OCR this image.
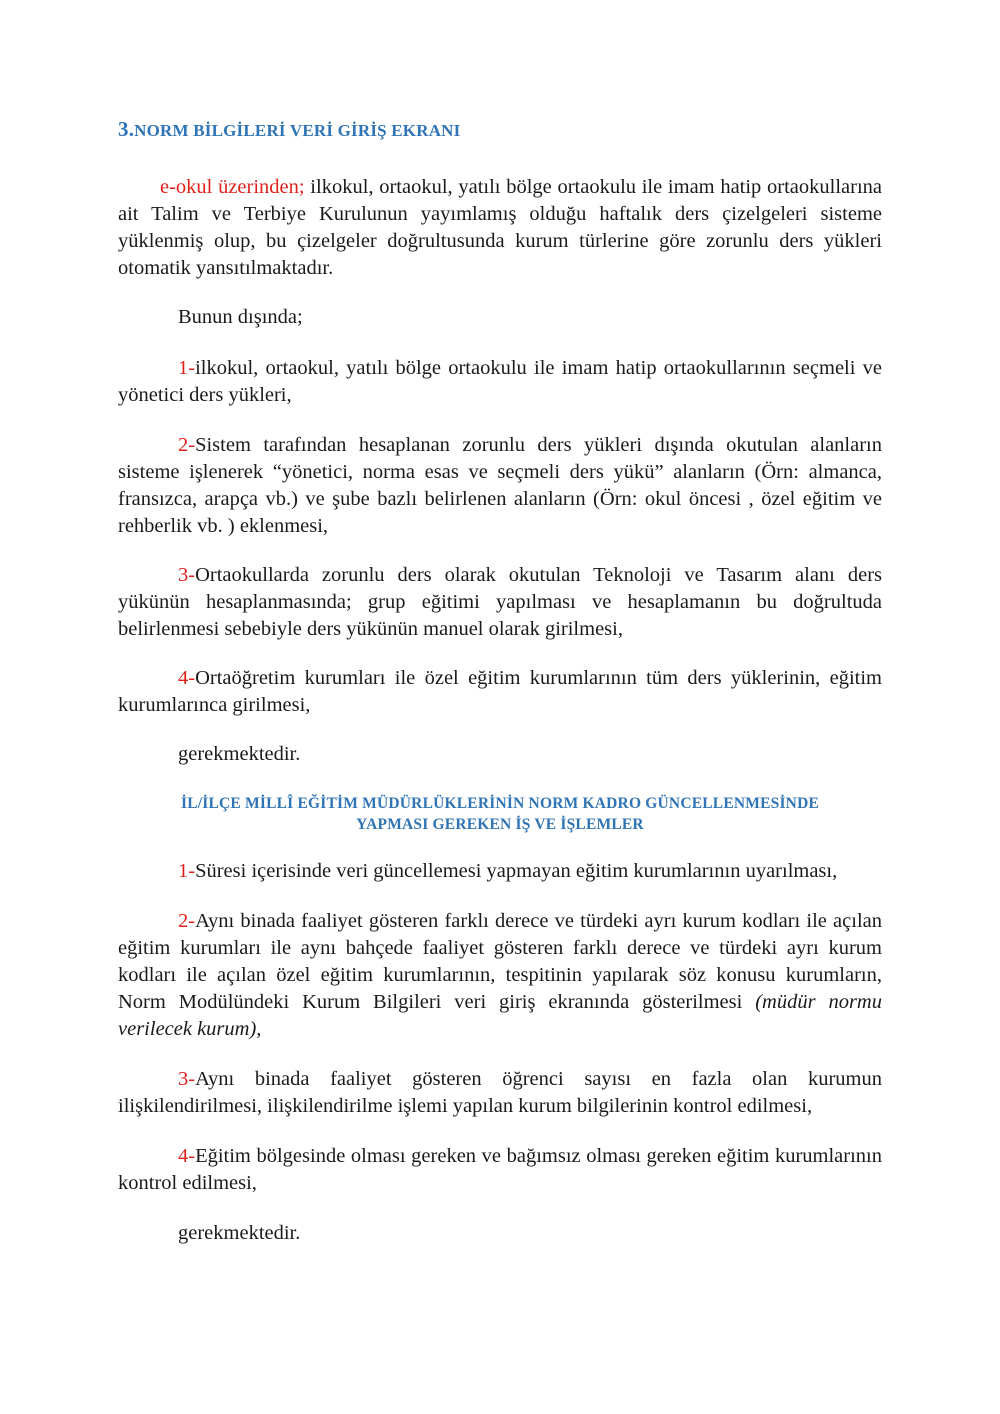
3.NORM BİLGİLERİ VERİ GİRİŞ EKRANI

e-okul üzerinden; ilkokul, ortaokul, yatılı bölge ortaokulu ile imam hatip ortaokullarına ait Talim ve Terbiye Kurulunun yayımlamış olduğu haftalık ders çizelgeleri sisteme yüklenmiş olup, bu çizelgeler doğrultusunda kurum türlerine göre zorunlu ders yükleri otomatik yansıtılmaktadır.

Bunun dışında;

1-ilkokul, ortaokul, yatılı bölge ortaokulu ile imam hatip ortaokullarının seçmeli ve yönetici ders yükleri,

2-Sistem tarafından hesaplanan zorunlu ders yükleri dışında okutulan alanların sisteme işlenerek “yönetici, norma esas ve seçmeli ders yükü” alanların (Örn: almanca, fransızca, arapça vb.) ve şube bazlı belirlenen alanların (Örn: okul öncesi , özel eğitim ve rehberlik vb. ) eklenmesi,

3-Ortaokullarda zorunlu ders olarak okutulan Teknoloji ve Tasarım alanı ders yükünün hesaplanmasında; grup eğitimi yapılması ve hesaplamanın bu doğrultuda belirlenmesi sebebiyle ders yükünün manuel olarak girilmesi,

4-Ortaöğretim kurumları ile özel eğitim kurumlarının tüm ders yüklerinin, eğitim kurumlarınca girilmesi,

gerekmektedir.

İL/İLÇE MİLLÎ EĞİTİM MÜDÜRLÜKLERİNİN NORM KADRO GÜNCELLENMESİNDE

YAPMASI GEREKEN İŞ VE İŞLEMLER

1-Süresi içerisinde veri güncellemesi yapmayan eğitim kurumlarının uyarılması,

2-Aynı binada faaliyet gösteren farklı derece ve türdeki ayrı kurum kodları ile açılan eğitim kurumları ile aynı bahçede faaliyet gösteren farklı derece ve türdeki ayrı kurum kodları ile açılan özel eğitim kurumlarının, tespitinin yapılarak söz konusu kurumların, Norm Modülündeki Kurum Bilgileri veri giriş ekranında gösterilmesi (müdür normu verilecek kurum),

3-Aynı binada faaliyet gösteren öğrenci sayısı en fazla olan kurumun ilişkilendirilmesi, ilişkilendirilme işlemi yapılan kurum bilgilerinin kontrol edilmesi,

4-Eğitim bölgesinde olması gereken ve bağımsız olması gereken eğitim kurumlarının kontrol edilmesi,

gerekmektedir.
